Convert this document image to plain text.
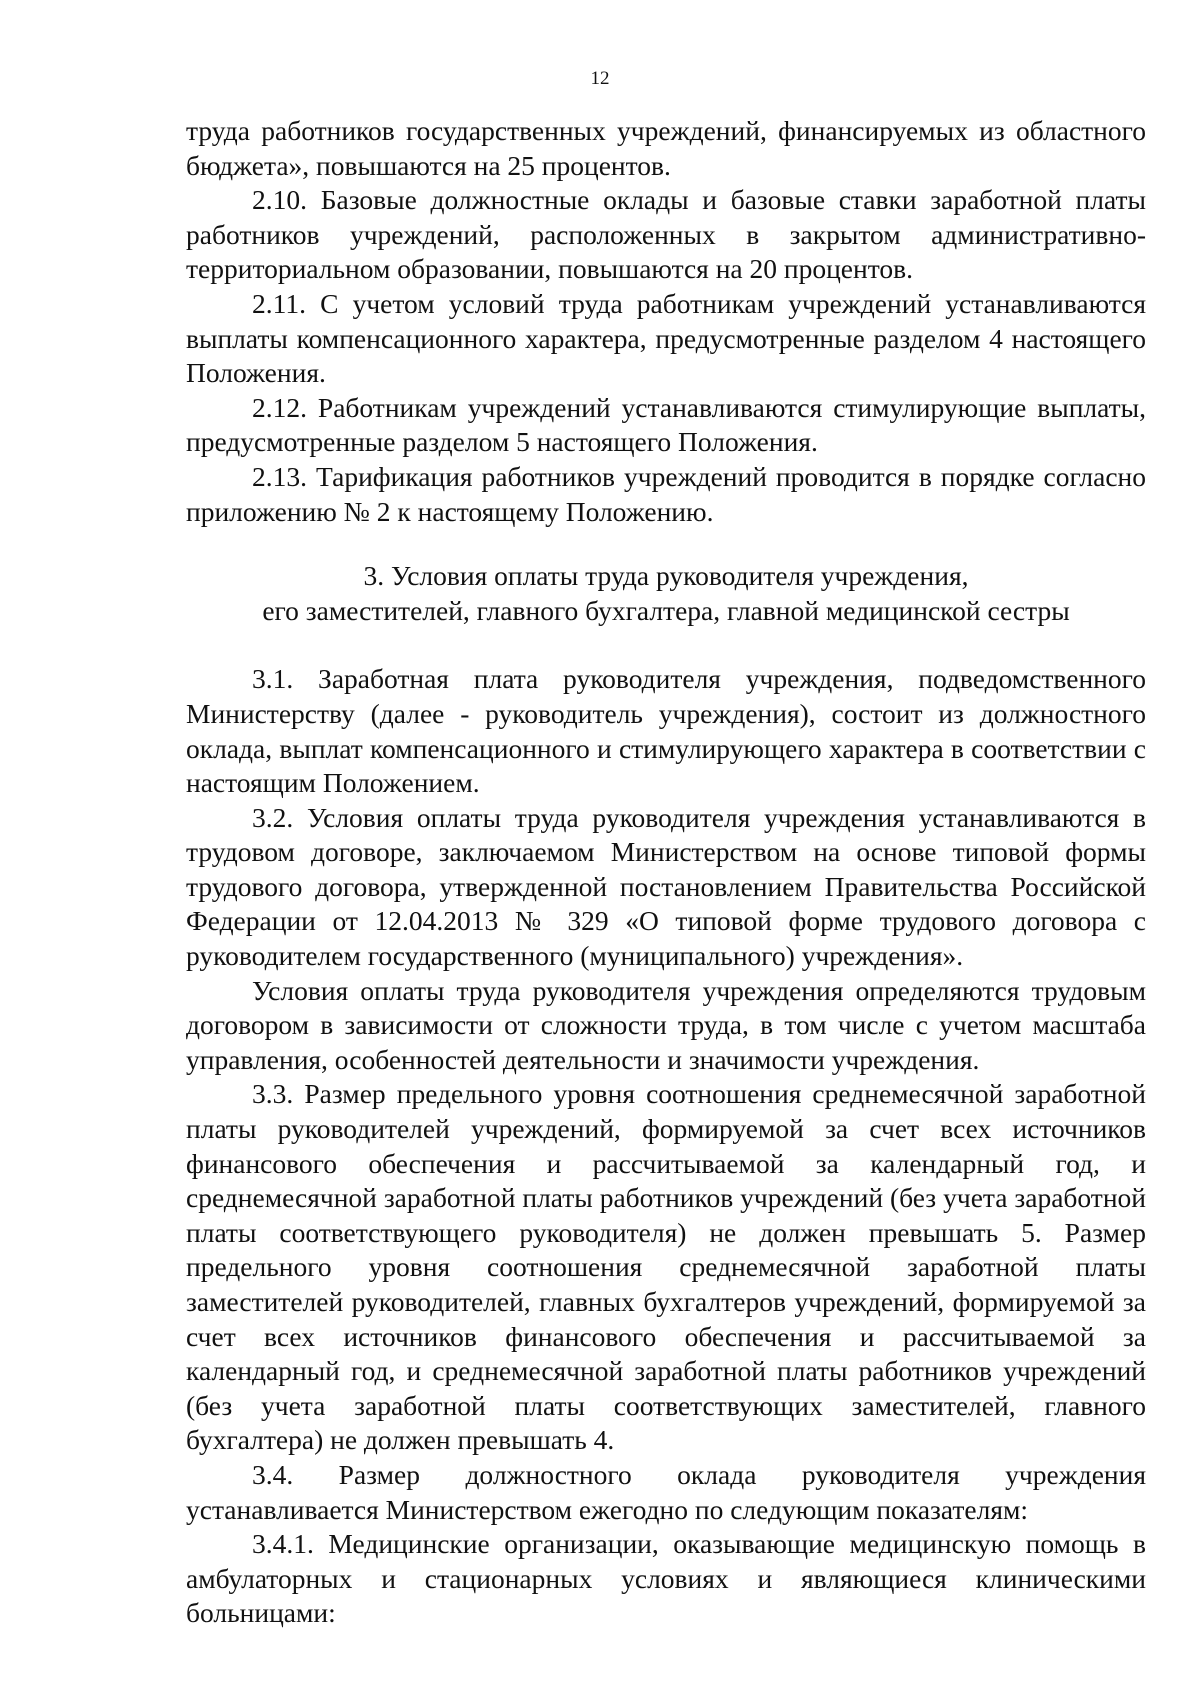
12

труда работников государственных учреждений, финансируемых из областного бюджета», повышаются на 25 процентов.

2.10. Базовые должностные оклады и базовые ставки заработной платы работников учреждений, расположенных в закрытом административно-территориальном образовании, повышаются на 20 процентов.

2.11. С учетом условий труда работникам учреждений устанавливаются выплаты компенсационного характера, предусмотренные разделом 4 настоящего Положения.

2.12. Работникам учреждений устанавливаются стимулирующие выплаты, предусмотренные разделом 5 настоящего Положения.

2.13. Тарификация работников учреждений проводится в порядке согласно приложению № 2 к настоящему Положению.

3. Условия оплаты труда руководителя учреждения,
его заместителей, главного бухгалтера, главной медицинской сестры

3.1. Заработная плата руководителя учреждения, подведомственного Министерству (далее - руководитель учреждения), состоит из должностного оклада, выплат компенсационного и стимулирующего характера в соответствии с настоящим Положением.

3.2. Условия оплаты труда руководителя учреждения устанавливаются в трудовом договоре, заключаемом Министерством на основе типовой формы трудового договора, утвержденной постановлением Правительства Российской Федерации от 12.04.2013 № 329 «О типовой форме трудового договора с руководителем государственного (муниципального) учреждения».

Условия оплаты труда руководителя учреждения определяются трудовым договором в зависимости от сложности труда, в том числе с учетом масштаба управления, особенностей деятельности и значимости учреждения.

3.3. Размер предельного уровня соотношения среднемесячной заработной платы руководителей учреждений, формируемой за счет всех источников финансового обеспечения и рассчитываемой за календарный год, и среднемесячной заработной платы работников учреждений (без учета заработной платы соответствующего руководителя) не должен превышать 5. Размер предельного уровня соотношения среднемесячной заработной платы заместителей руководителей, главных бухгалтеров учреждений, формируемой за счет всех источников финансового обеспечения и рассчитываемой за календарный год, и среднемесячной заработной платы работников учреждений (без учета заработной платы соответствующих заместителей, главного бухгалтера) не должен превышать 4.

3.4. Размер должностного оклада руководителя учреждения устанавливается Министерством ежегодно по следующим показателям:

3.4.1. Медицинские организации, оказывающие медицинскую помощь в амбулаторных и стационарных условиях и являющиеся клиническими больницами:
